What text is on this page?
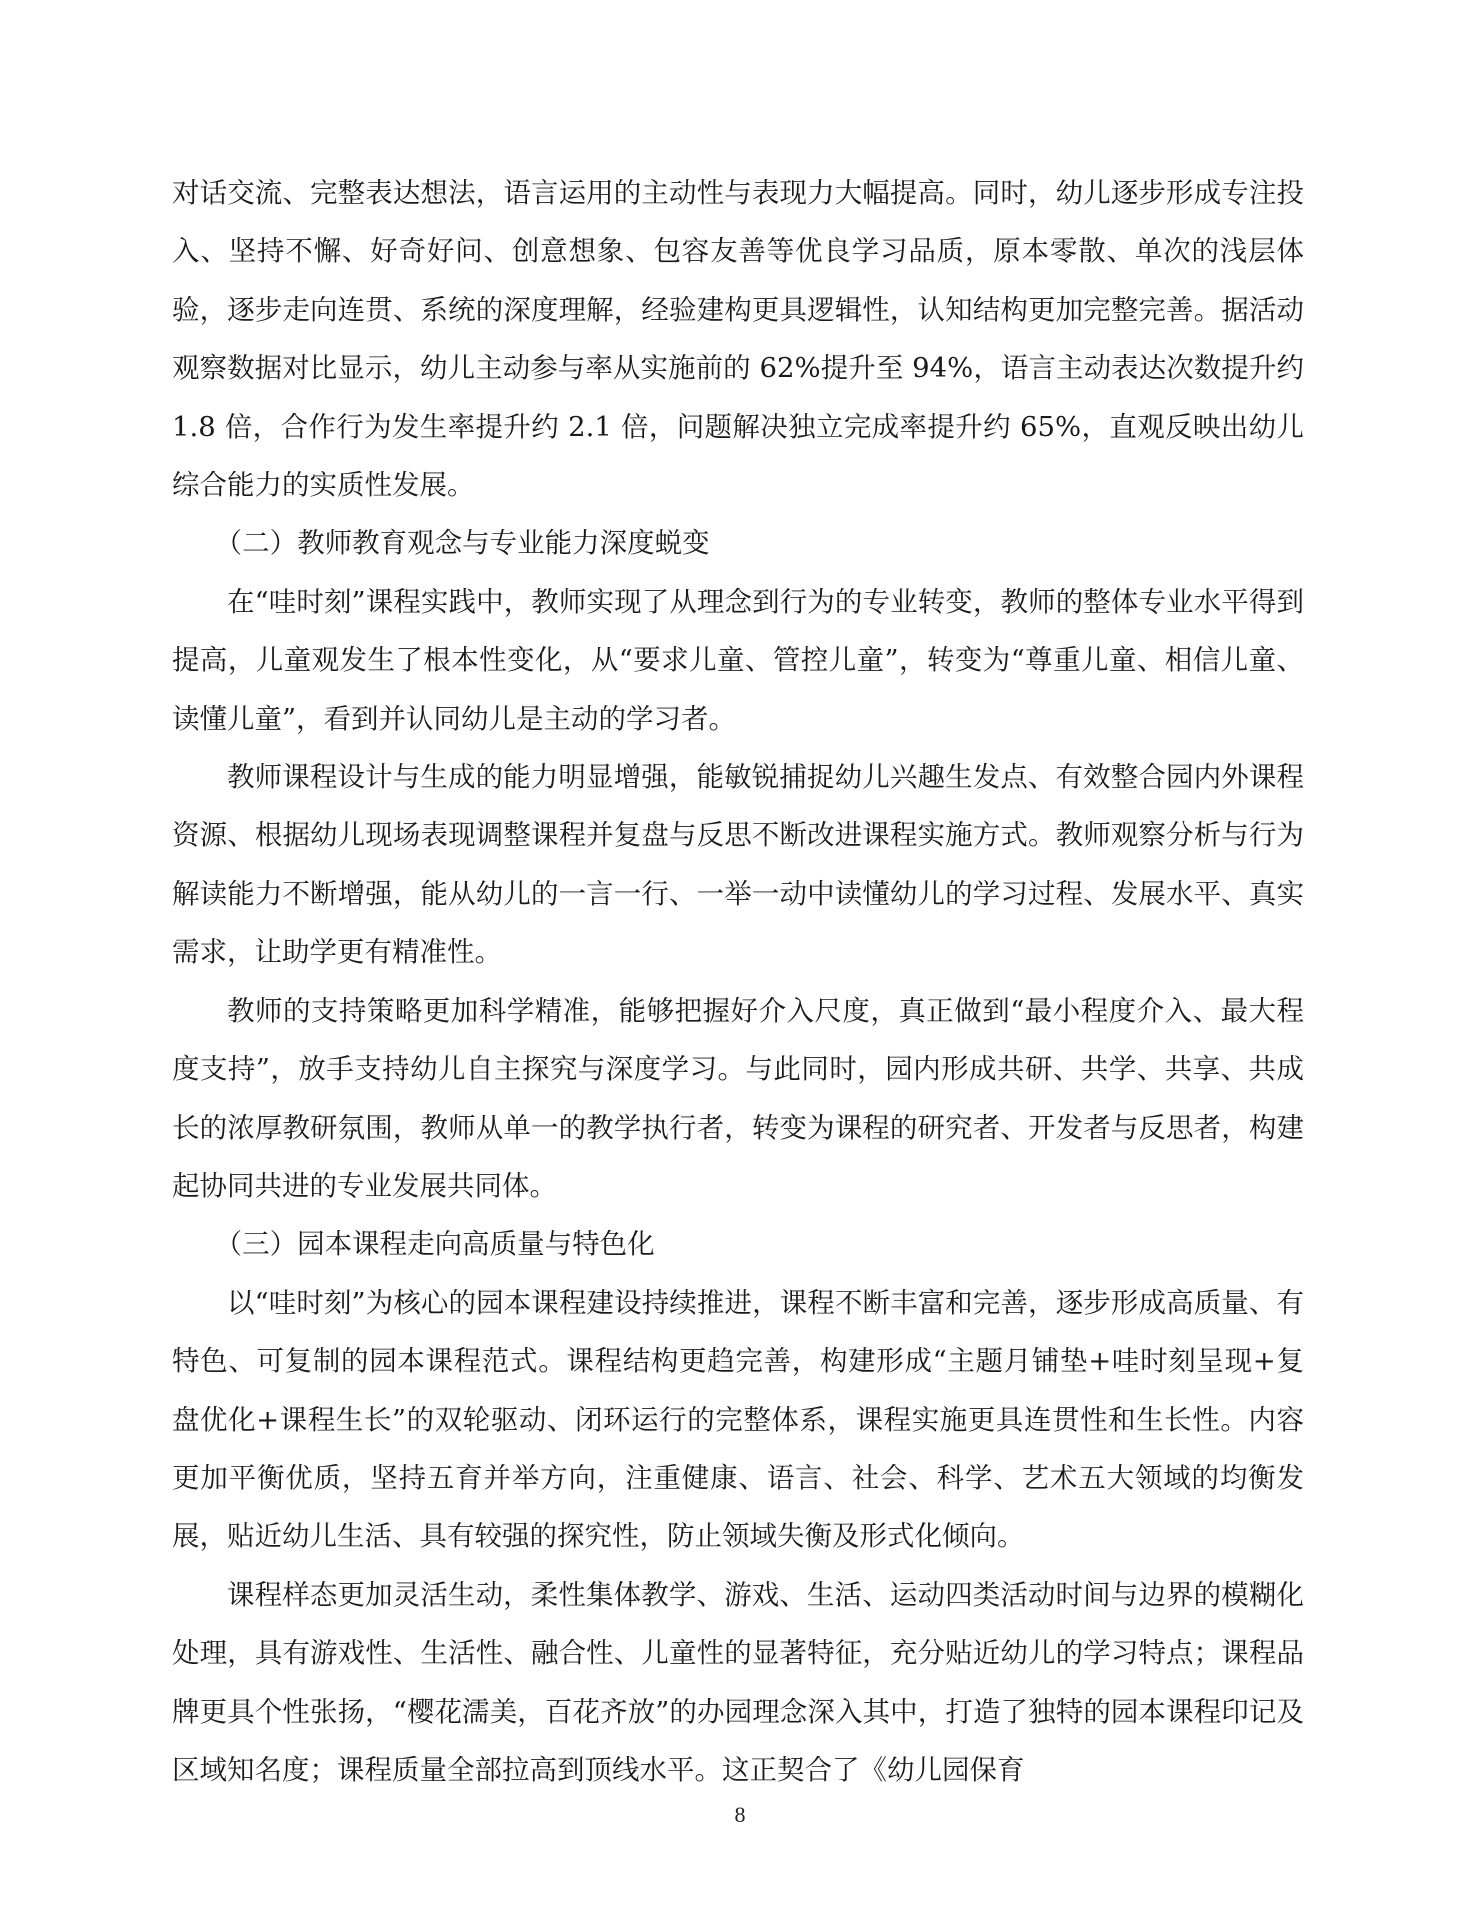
对话交流、完整表达想法，语言运用的主动性与表现力大幅提高。同时，幼儿逐步形成专注投入、坚持不懈、好奇好问、创意想象、包容友善等优良学习品质，原本零散、单次的浅层体验，逐步走向连贯、系统的深度理解，经验建构更具逻辑性，认知结构更加完整完善。据活动观察数据对比显示，幼儿主动参与率从实施前的 62%提升至 94%，语言主动表达次数提升约 1.8 倍，合作行为发生率提升约 2.1 倍，问题解决独立完成率提升约 65%，直观反映出幼儿综合能力的实质性发展。

（二）教师教育观念与专业能力深度蜕变

在“哇时刻”课程实践中，教师实现了从理念到行为的专业转变，教师的整体专业水平得到提高，儿童观发生了根本性变化，从“要求儿童、管控儿童”，转变为“尊重儿童、相信儿童、读懂儿童”，看到并认同幼儿是主动的学习者。

教师课程设计与生成的能力明显增强，能敏锐捕捉幼儿兴趣生发点、有效整合园内外课程资源、根据幼儿现场表现调整课程并复盘与反思不断改进课程实施方式。教师观察分析与行为解读能力不断增强，能从幼儿的一言一行、一举一动中读懂幼儿的学习过程、发展水平、真实需求，让助学更有精准性。

教师的支持策略更加科学精准，能够把握好介入尺度，真正做到“最小程度介入、最大程度支持”，放手支持幼儿自主探究与深度学习。与此同时，园内形成共研、共学、共享、共成长的浓厚教研氛围，教师从单一的教学执行者，转变为课程的研究者、开发者与反思者，构建起协同共进的专业发展共同体。

（三）园本课程走向高质量与特色化

以“哇时刻”为核心的园本课程建设持续推进，课程不断丰富和完善，逐步形成高质量、有特色、可复制的园本课程范式。课程结构更趋完善，构建形成“主题月铺垫+哇时刻呈现+复盘优化+课程生长”的双轮驱动、闭环运行的完整体系，课程实施更具连贯性和生长性。内容更加平衡优质，坚持五育并举方向，注重健康、语言、社会、科学、艺术五大领域的均衡发展，贴近幼儿生活、具有较强的探究性，防止领域失衡及形式化倾向。

课程样态更加灵活生动，柔性集体教学、游戏、生活、运动四类活动时间与边界的模糊化处理，具有游戏性、生活性、融合性、儿童性的显著特征，充分贴近幼儿的学习特点；课程品牌更具个性张扬，“樱花濡美，百花齐放”的办园理念深入其中，打造了独特的园本课程印记及区域知名度；课程质量全部拉高到顶线水平。这正契合了《幼儿园保育

8
